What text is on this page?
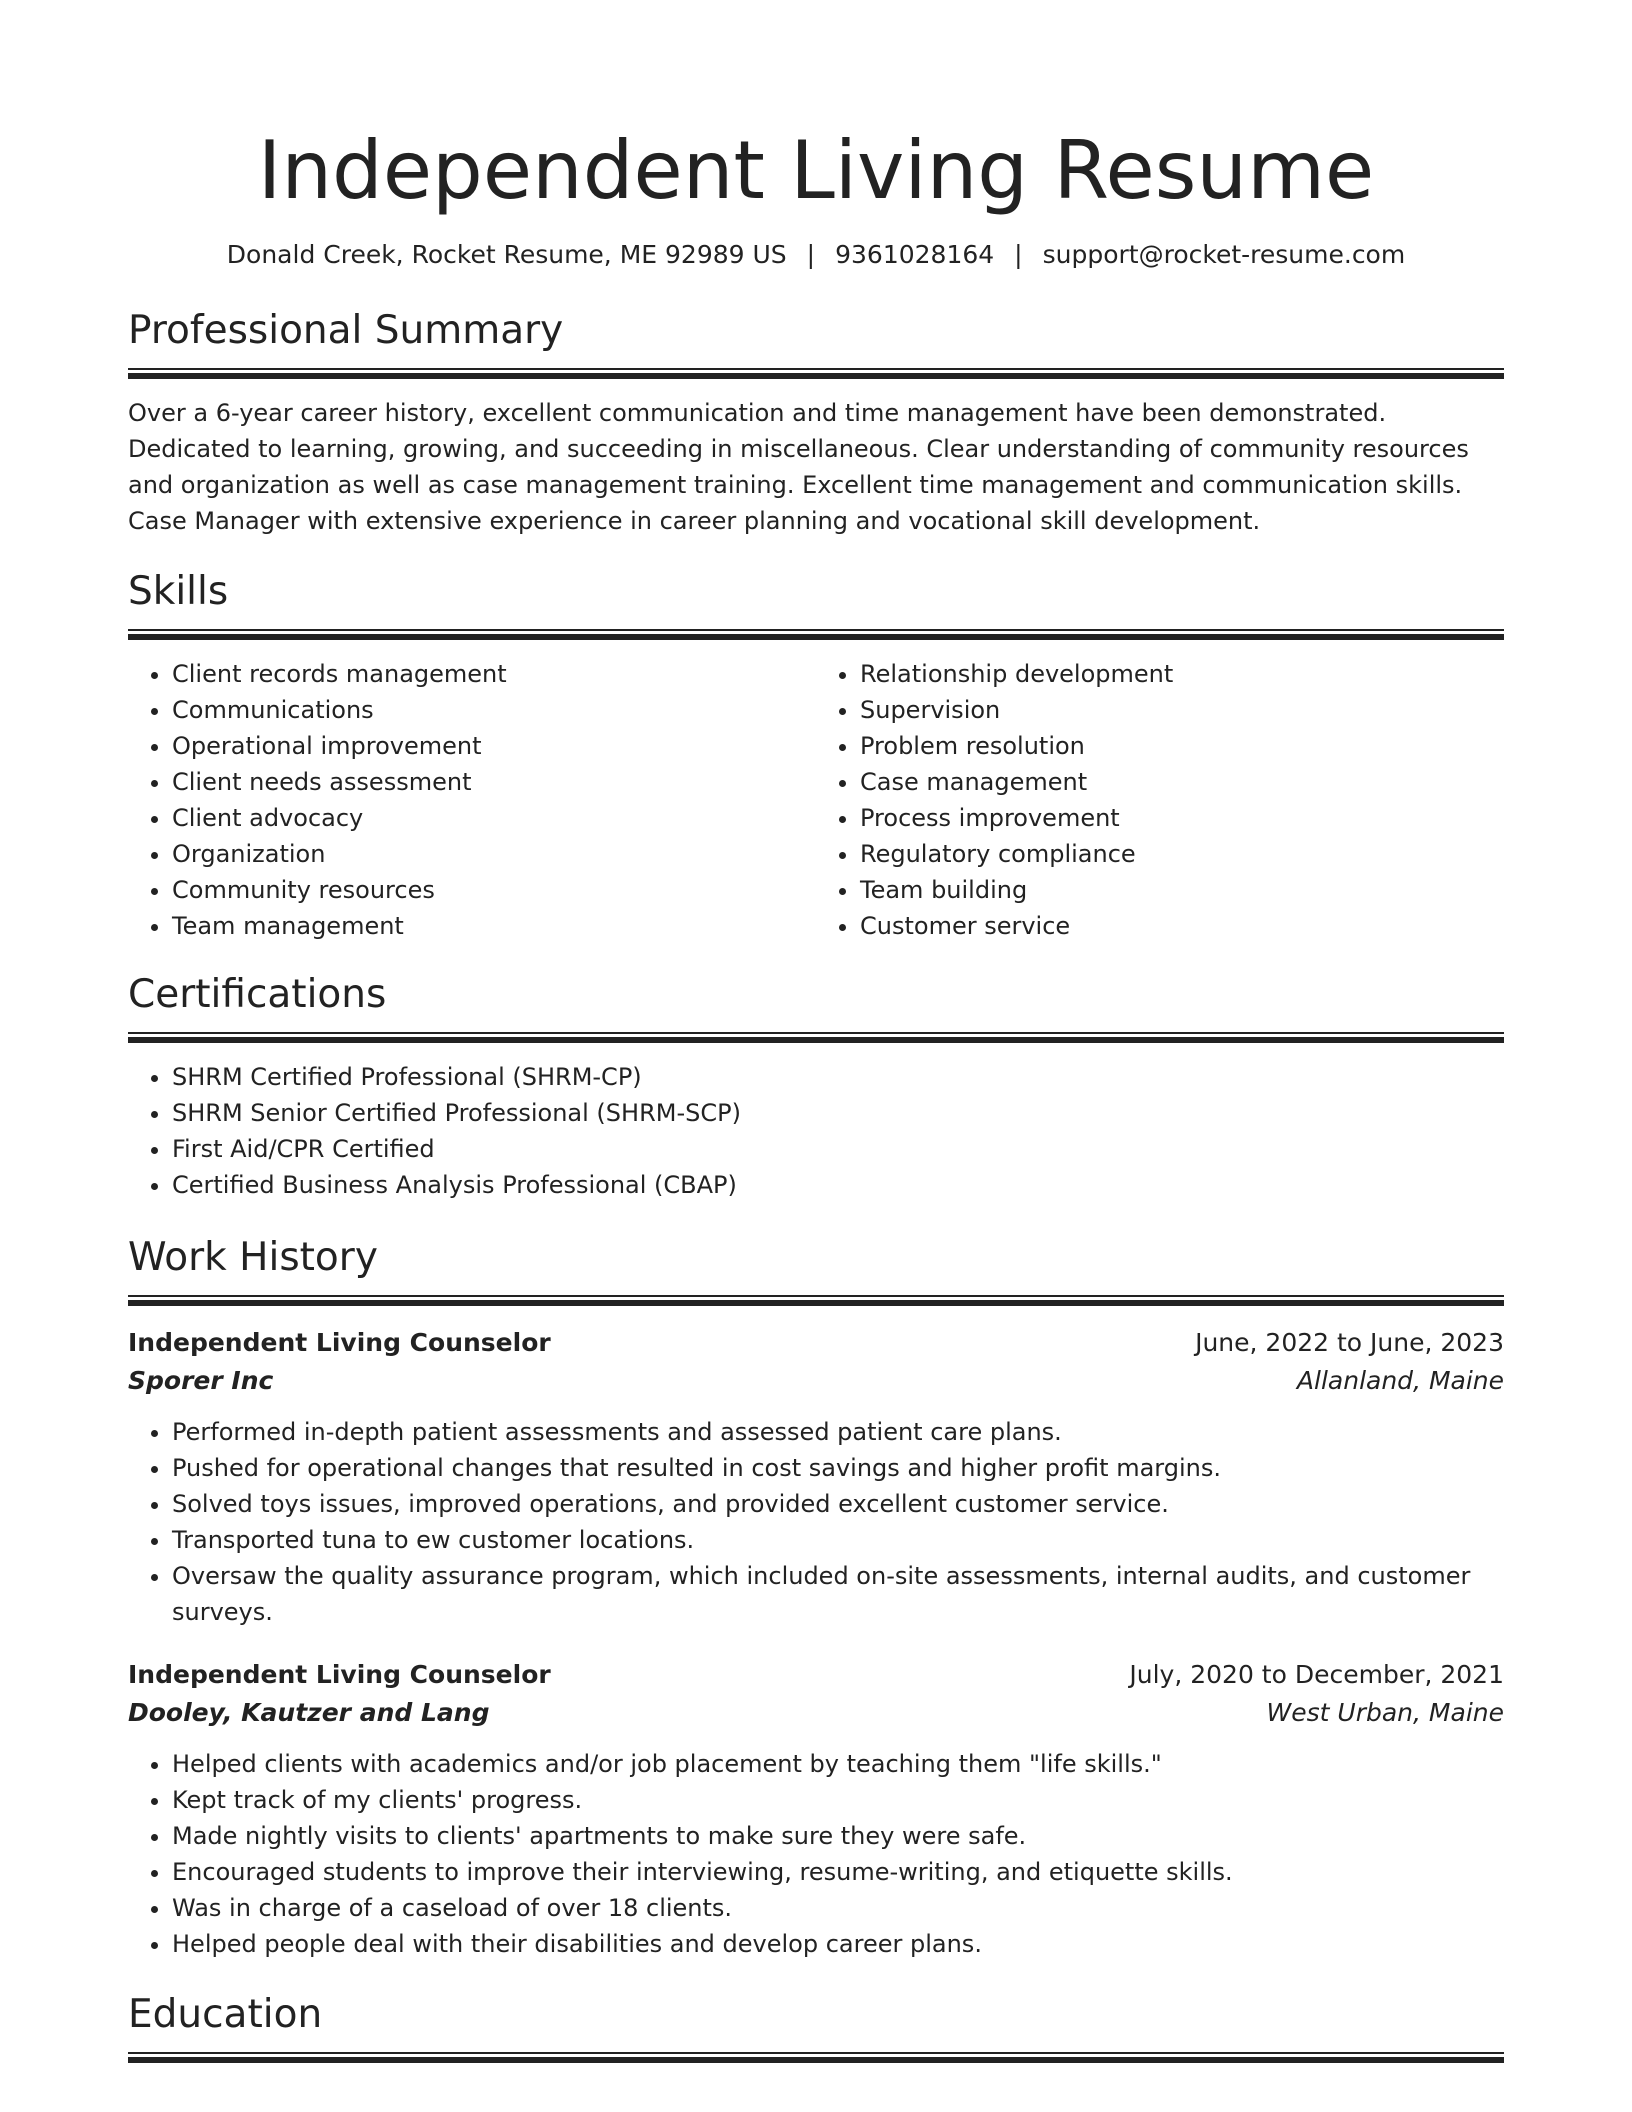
Independent Living Resume
Donald Creek, Rocket Resume, ME 92989 US | 9361028164 | support@rocket-resume.com
Professional Summary

Over a 6-year career history, excellent communication and time management have been demonstrated. Dedicated to learning, growing, and succeeding in miscellaneous. Clear understanding of community resources and organization as well as case management training. Excellent time management and communication skills. Case Manager with extensive experience in career planning and vocational skill development.

Skills
• Client records management
• Communications
• Operational improvement
• Client needs assessment
• Client advocacy
• Organization
• Community resources
• Team management
• Relationship development
• Supervision
• Problem resolution
• Case management
• Process improvement
• Regulatory compliance
• Team building
• Customer service
Certifications
• SHRM Certified Professional (SHRM-CP)
• SHRM Senior Certified Professional (SHRM-SCP)
• First Aid/CPR Certified
• Certified Business Analysis Professional (CBAP)
Work History
Independent Living Counselor	June, 2022 to June, 2023
Sporer Inc	Allanland, Maine
• Performed in-depth patient assessments and assessed patient care plans.
• Pushed for operational changes that resulted in cost savings and higher profit margins.
• Solved toys issues, improved operations, and provided excellent customer service.
• Transported tuna to ew customer locations.
• Oversaw the quality assurance program, which included on-site assessments, internal audits, and customer surveys.
Independent Living Counselor	July, 2020 to December, 2021
Dooley, Kautzer and Lang	West Urban, Maine
• Helped clients with academics and/or job placement by teaching them "life skills."
• Kept track of my clients' progress.
• Made nightly visits to clients' apartments to make sure they were safe.
• Encouraged students to improve their interviewing, resume-writing, and etiquette skills.
• Was in charge of a caseload of over 18 clients.
• Helped people deal with their disabilities and develop career plans.
Education
